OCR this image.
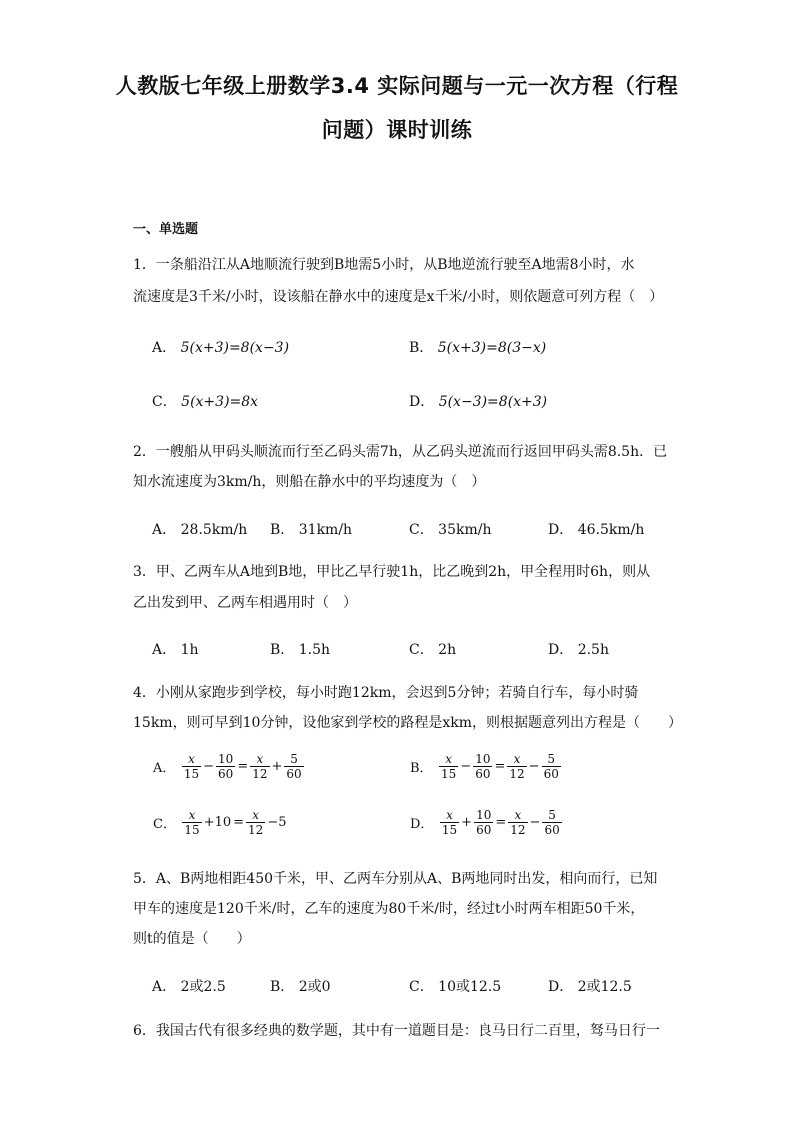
人教版七年级上册数学3.4 实际问题与一元一次方程（行程
问题）课时训练
一、单选题
1．一条船沿江从A地顺流行驶到B地需5小时，从B地逆流行驶至A地需8小时，水
流速度是3千米/小时，设该船在静水中的速度是x千米/小时，则依题意可列方程（　）
A． 5(x+3)=8(x−3)	B． 5(x+3)=8(3−x)
C． 5(x+3)=8x	D． 5(x−3)=8(x+3)
2．一艘船从甲码头顺流而行至乙码头需7h，从乙码头逆流而行返回甲码头需8.5h．已
知水流速度为3km/h，则船在静水中的平均速度为（　）
A． 28.5km/h B． 31km/h	C． 35km/h	D． 46.5km/h
3．甲、乙两车从A地到B地，甲比乙早行驶1h，比乙晚到2h，甲全程用时6h，则从
乙出发到甲、乙两车相遇用时（　）
A． 1h	B． 1.5h	C． 2h	D． 2.5h
4．小刚从家跑步到学校，每小时跑12km，会迟到5分钟；若骑自行车，每小时骑
15km，则可早到10分钟，设他家到学校的路程是xkm，则根据题意列出方程是（　　）
A． $\frac{x}{15} - \frac{10}{60} = \frac{x}{12} + \frac{5}{60}$	B． $\frac{x}{15} - \frac{10}{60} = \frac{x}{12} - \frac{5}{60}$
C． $\frac{x}{15} +10 = \frac{x}{12} -5$	D． $\frac{x}{15} + \frac{10}{60} = \frac{x}{12} - \frac{5}{60}$
5．A、B两地相距450千米，甲、乙两车分别从A、B两地同时出发，相向而行，已知
甲车的速度是120千米/时，乙车的速度为80千米/时，经过t小时两车相距50千米，
则t的值是（　　）
A． 2或2.5	B． 2或0	C． 10或12.5	D． 2或12.5
6．我国古代有很多经典的数学题，其中有一道题目是：良马日行二百里，驽马日行一
